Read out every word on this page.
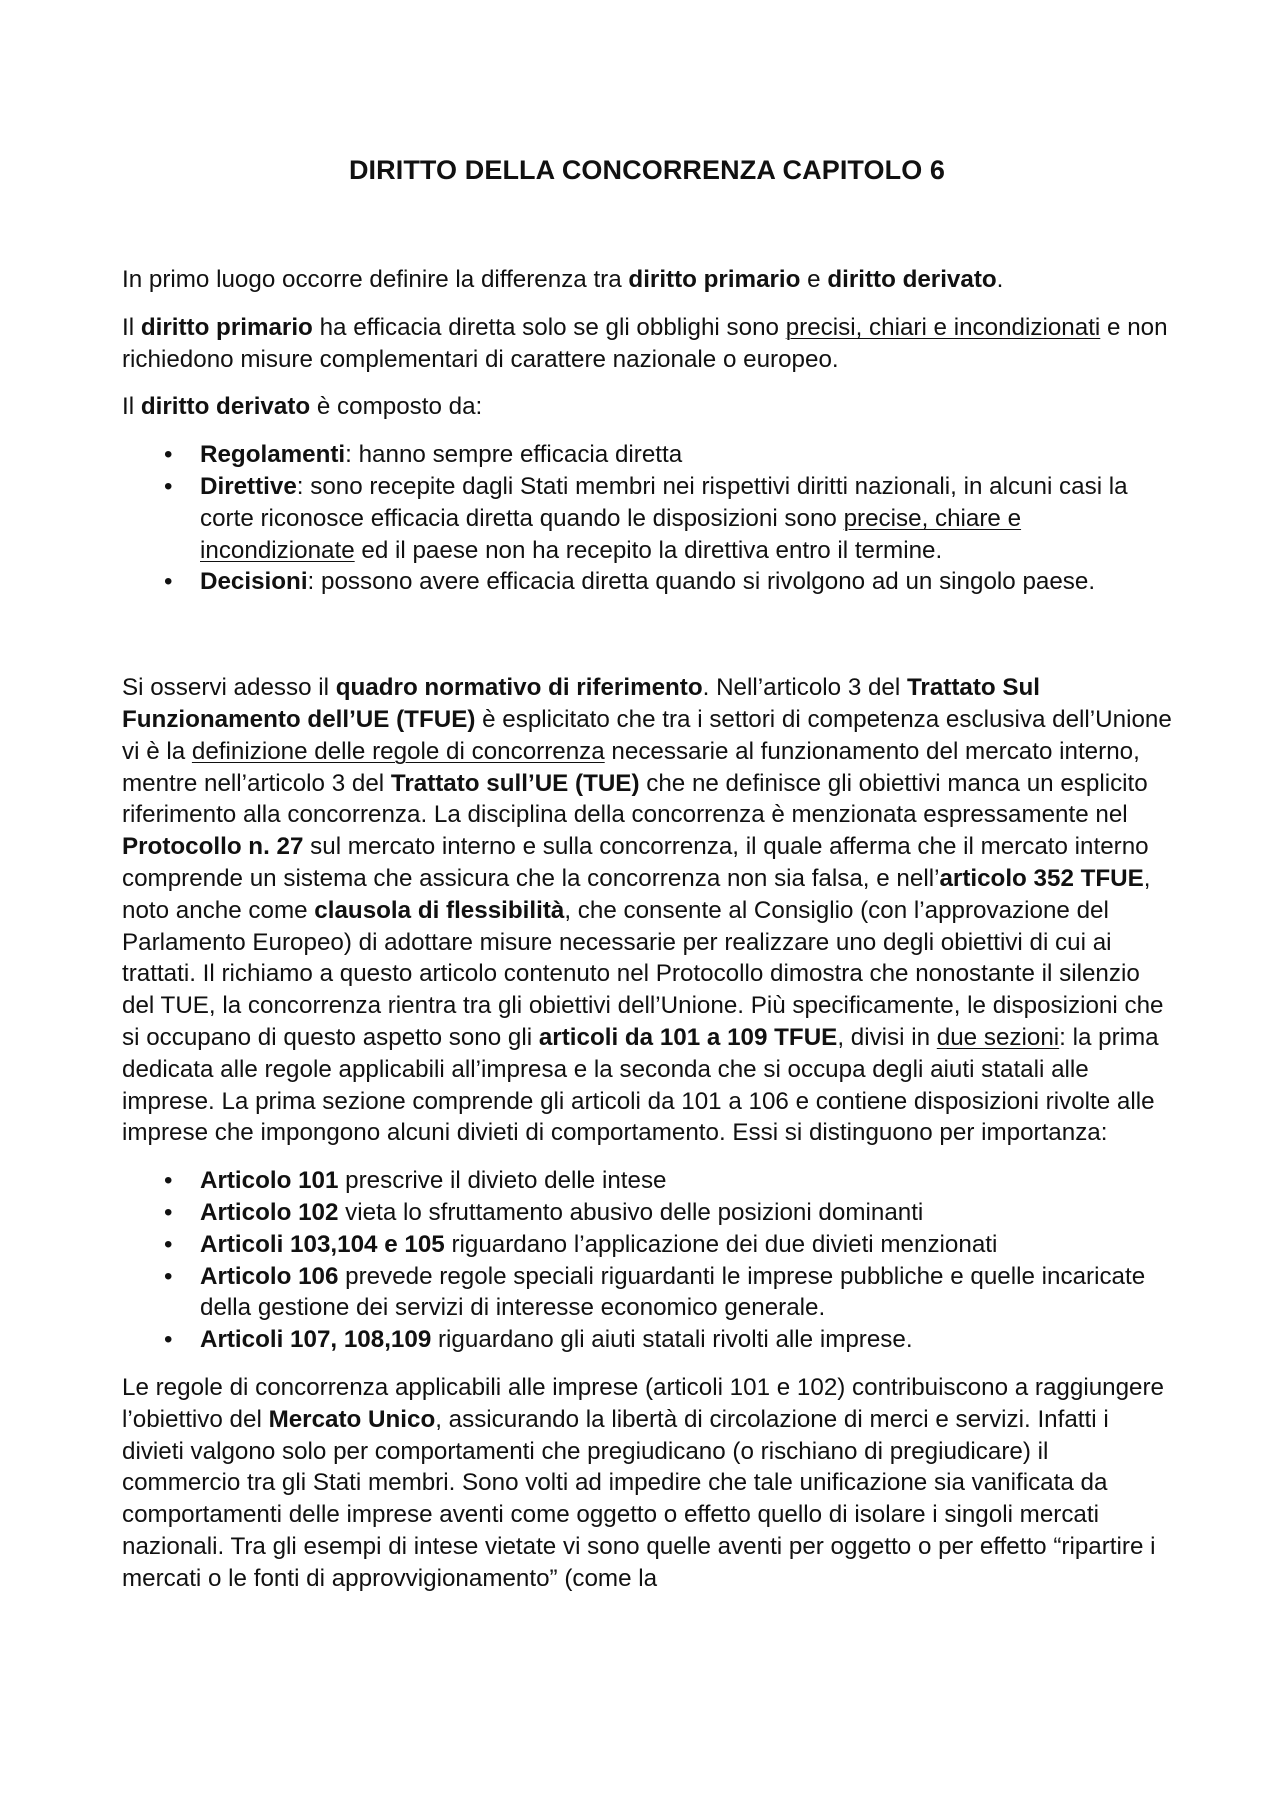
DIRITTO DELLA CONCORRENZA CAPITOLO 6

In primo luogo occorre definire la differenza tra diritto primario e diritto derivato.

Il diritto primario ha efficacia diretta solo se gli obblighi sono precisi, chiari e incondizionati e non richiedono misure complementari di carattere nazionale o europeo.

Il diritto derivato è composto da:

• Regolamenti: hanno sempre efficacia diretta
• Direttive: sono recepite dagli Stati membri nei rispettivi diritti nazionali, in alcuni casi la corte riconosce efficacia diretta quando le disposizioni sono precise, chiare e incondizionate ed il paese non ha recepito la direttiva entro il termine.
• Decisioni: possono avere efficacia diretta quando si rivolgono ad un singolo paese.

Si osservi adesso il quadro normativo di riferimento. Nell’articolo 3 del Trattato Sul Funzionamento dell’UE (TFUE) è esplicitato che tra i settori di competenza esclusiva dell’Unione vi è la definizione delle regole di concorrenza necessarie al funzionamento del mercato interno, mentre nell’articolo 3 del Trattato sull’UE (TUE) che ne definisce gli obiettivi manca un esplicito riferimento alla concorrenza. La disciplina della concorrenza è menzionata espressamente nel Protocollo n. 27 sul mercato interno e sulla concorrenza, il quale afferma che il mercato interno comprende un sistema che assicura che la concorrenza non sia falsa, e nell’articolo 352 TFUE, noto anche come clausola di flessibilità, che consente al Consiglio (con l’approvazione del Parlamento Europeo) di adottare misure necessarie per realizzare uno degli obiettivi di cui ai trattati. Il richiamo a questo articolo contenuto nel Protocollo dimostra che nonostante il silenzio del TUE, la concorrenza rientra tra gli obiettivi dell’Unione. Più specificamente, le disposizioni che si occupano di questo aspetto sono gli articoli da 101 a 109 TFUE, divisi in due sezioni: la prima dedicata alle regole applicabili all’impresa e la seconda che si occupa degli aiuti statali alle imprese. La prima sezione comprende gli articoli da 101 a 106 e contiene disposizioni rivolte alle imprese che impongono alcuni divieti di comportamento. Essi si distinguono per importanza:

• Articolo 101 prescrive il divieto delle intese
• Articolo 102 vieta lo sfruttamento abusivo delle posizioni dominanti
• Articoli 103,104 e 105 riguardano l’applicazione dei due divieti menzionati
• Articolo 106 prevede regole speciali riguardanti le imprese pubbliche e quelle incaricate della gestione dei servizi di interesse economico generale.
• Articoli 107, 108,109 riguardano gli aiuti statali rivolti alle imprese.

Le regole di concorrenza applicabili alle imprese (articoli 101 e 102) contribuiscono a raggiungere l’obiettivo del Mercato Unico, assicurando la libertà di circolazione di merci e servizi. Infatti i divieti valgono solo per comportamenti che pregiudicano (o rischiano di pregiudicare) il commercio tra gli Stati membri. Sono volti ad impedire che tale unificazione sia vanificata da comportamenti delle imprese aventi come oggetto o effetto quello di isolare i singoli mercati nazionali. Tra gli esempi di intese vietate vi sono quelle aventi per oggetto o per effetto “ripartire i mercati o le fonti di approvvigionamento” (come la
